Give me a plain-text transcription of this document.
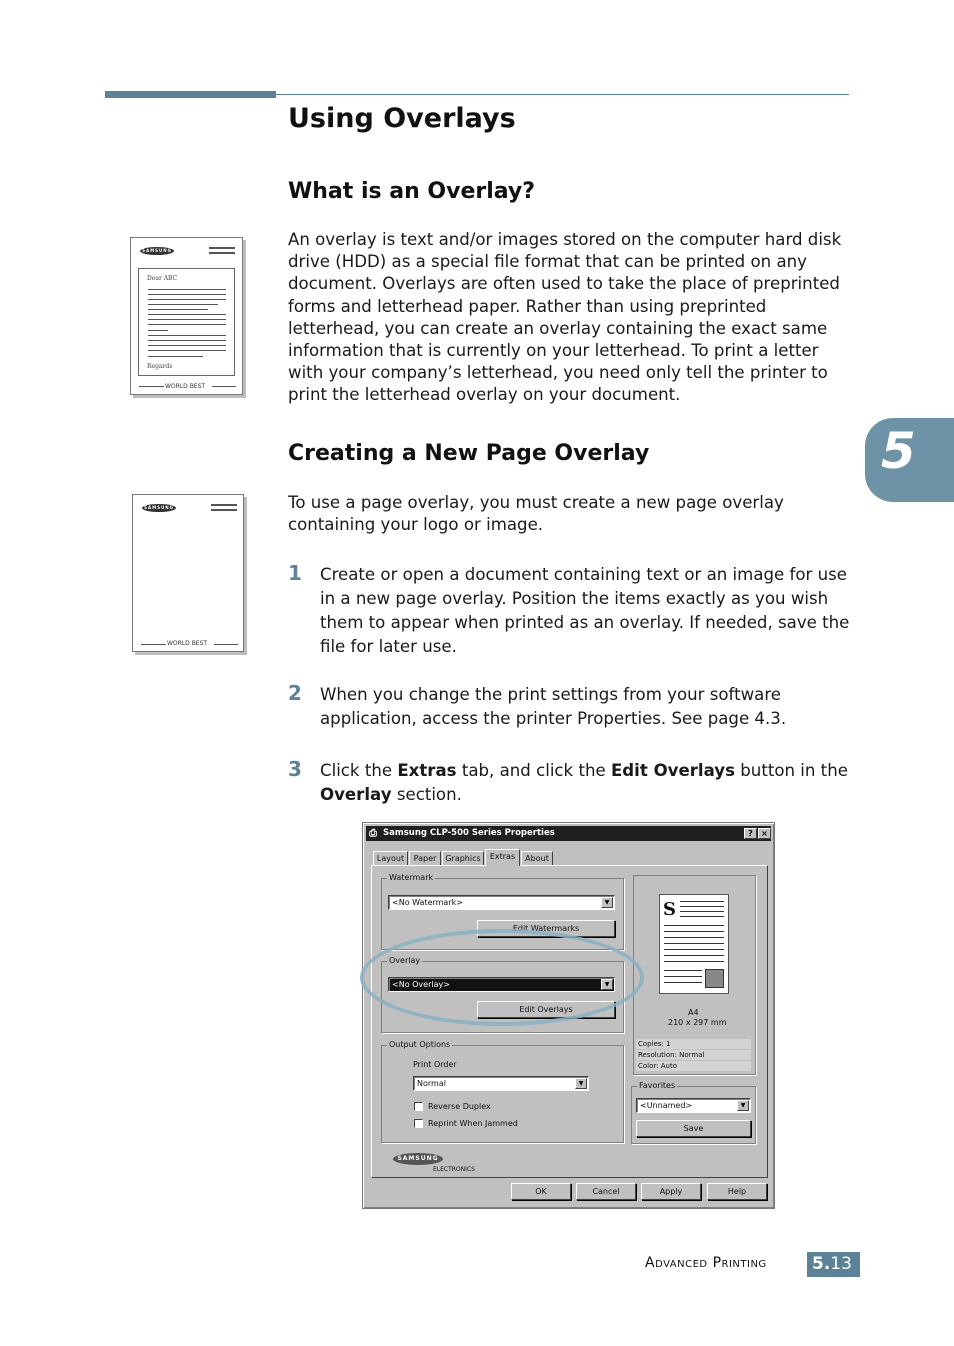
Using Overlays
What is an Overlay?
An overlay is text and/or images stored on the computer hard disk drive (HDD) as a special file format that can be printed on any document. Overlays are often used to take the place of preprinted forms and letterhead paper. Rather than using preprinted letterhead, you can create an overlay containing the exact same information that is currently on your letterhead. To print a letter with your company’s letterhead, you need only tell the printer to print the letterhead overlay on your document.
Creating a New Page Overlay
To use a page overlay, you must create a new page overlay containing your logo or image.
1 Create or open a document containing text or an image for use in a new page overlay. Position the items exactly as you wish them to appear when printed as an overlay. If needed, save the file for later use.
2 When you change the print settings from your software application, access the printer Properties. See page 4.3.
3 Click the Extras tab, and click the Edit Overlays button in the Overlay section.
5
SAMSUNG
Dear ABC
Regards
WORLD BEST
SAMSUNG
WORLD BEST
⎙ Samsung CLP-500 Series Properties	?	×
Layout	Paper	Graphics	Extras	About
Watermark
<No Watermark>	▼
Edit Watermarks
Overlay
<No Overlay>	▼
Edit Overlays
Output Options
Print Order
Normal	▼
Reverse Duplex
Reprint When Jammed
S
A4
210 x 297 mm
Copies: 1
Resolution: Normal
Color: Auto
Favorites
<Unnamed>	▼
Save
SAMSUNG
ELECTRONICS
OK	Cancel	Apply	Help
Advanced Printing	5.13
